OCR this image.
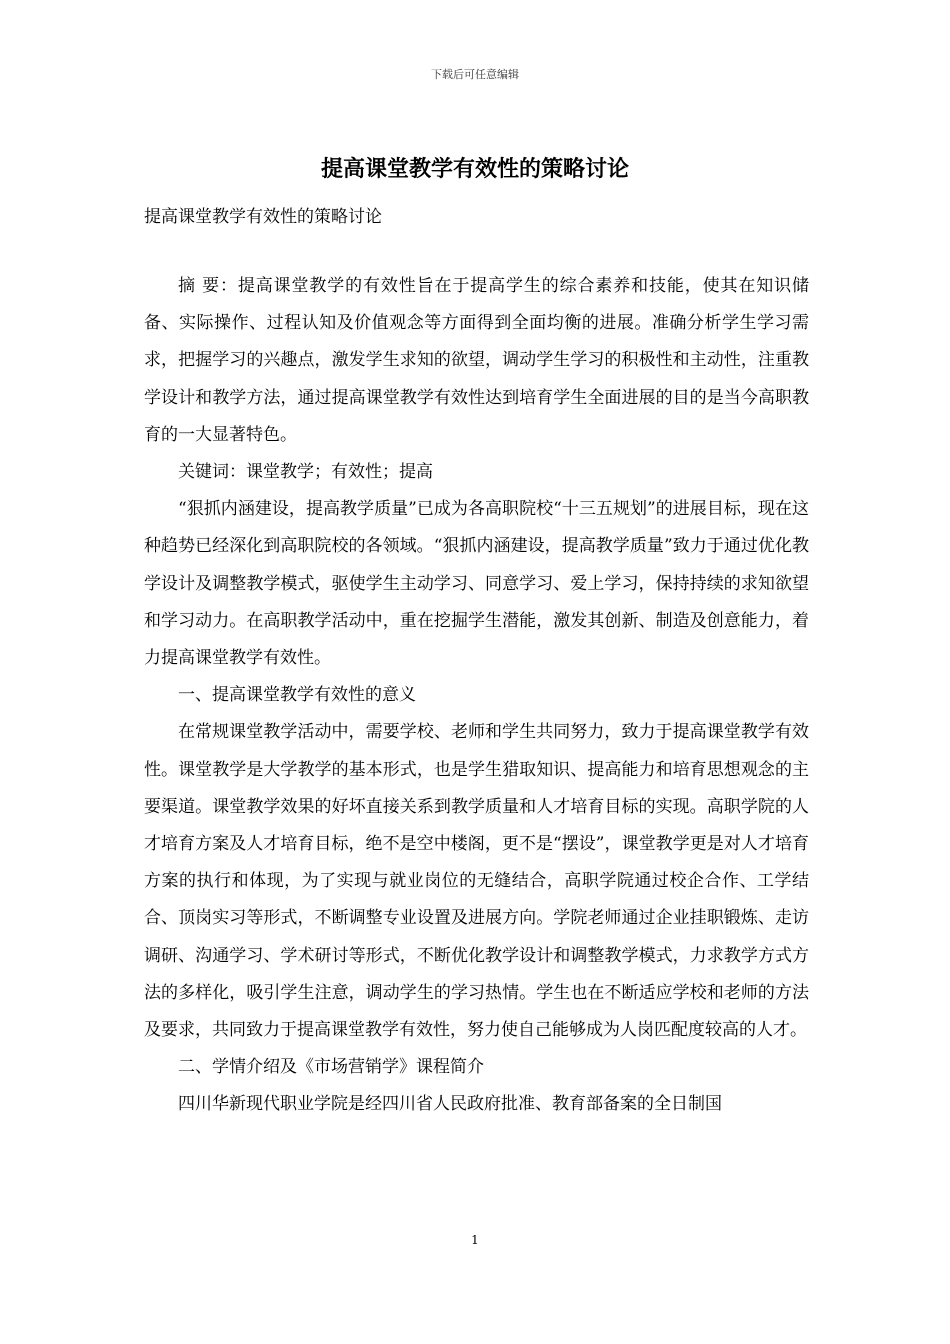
下载后可任意编辑
提高课堂教学有效性的策略讨论

提高课堂教学有效性的策略讨论

摘 要：提高课堂教学的有效性旨在于提高学生的综合素养和技能，使其在知识储备、实际操作、过程认知及价值观念等方面得到全面均衡的进展。准确分析学生学习需求，把握学习的兴趣点，激发学生求知的欲望，调动学生学习的积极性和主动性，注重教学设计和教学方法，通过提高课堂教学有效性达到培育学生全面进展的目的是当今高职教育的一大显著特色。

关键词：课堂教学；有效性；提高

“狠抓内涵建设，提高教学质量”已成为各高职院校“十三五规划”的进展目标，现在这种趋势已经深化到高职院校的各领域。“狠抓内涵建设，提高教学质量”致力于通过优化教学设计及调整教学模式，驱使学生主动学习、同意学习、爱上学习，保持持续的求知欲望和学习动力。在高职教学活动中，重在挖掘学生潜能，激发其创新、制造及创意能力，着力提高课堂教学有效性。

一、提高课堂教学有效性的意义

在常规课堂教学活动中，需要学校、老师和学生共同努力，致力于提高课堂教学有效性。课堂教学是大学教学的基本形式，也是学生猎取知识、提高能力和培育思想观念的主要渠道。课堂教学效果的好坏直接关系到教学质量和人才培育目标的实现。高职学院的人才培育方案及人才培育目标，绝不是空中楼阁，更不是“摆设”，课堂教学更是对人才培育方案的执行和体现，为了实现与就业岗位的无缝结合，高职学院通过校企合作、工学结合、顶岗实习等形式，不断调整专业设置及进展方向。学院老师通过企业挂职锻炼、走访调研、沟通学习、学术研讨等形式，不断优化教学设计和调整教学模式，力求教学方式方法的多样化，吸引学生注意，调动学生的学习热情。学生也在不断适应学校和老师的方法及要求，共同致力于提高课堂教学有效性，努力使自己能够成为人岗匹配度较高的人才。

二、学情介绍及《市场营销学》课程简介

四川华新现代职业学院是经四川省人民政府批准、教育部备案的全日制国

1
